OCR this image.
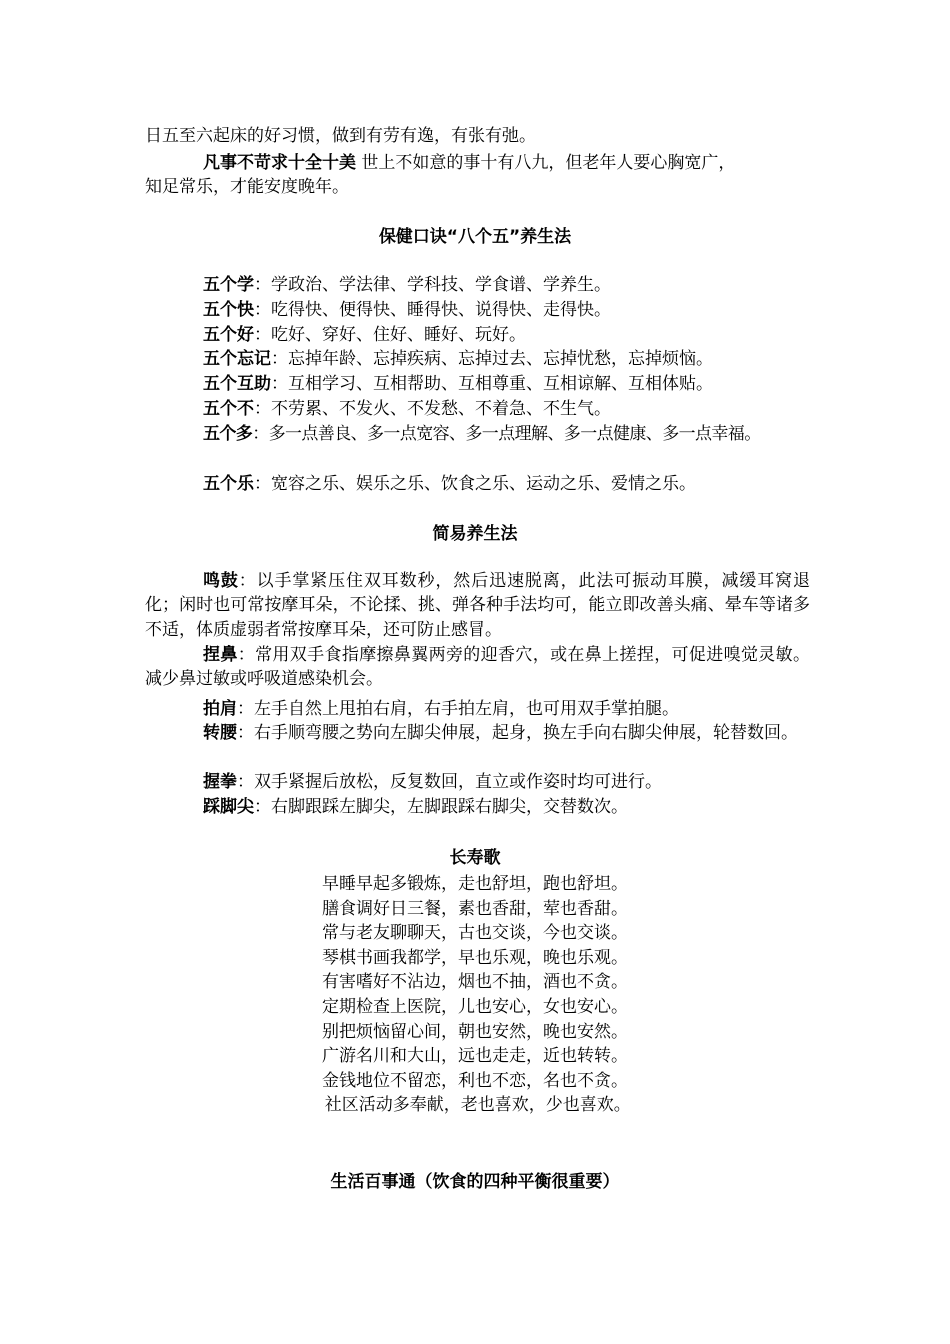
日五至六起床的好习惯，做到有劳有逸，有张有弛。
凡事不苛求十全十美 世上不如意的事十有八九，但老年人要心胸宽广，
知足常乐，才能安度晚年。
保健口诀“八个五”养生法
五个学：学政治、学法律、学科技、学食谱、学养生。
五个快：吃得快、便得快、睡得快、说得快、走得快。
五个好：吃好、穿好、住好、睡好、玩好。
五个忘记：忘掉年龄、忘掉疾病、忘掉过去、忘掉忧愁，忘掉烦恼。
五个互助：互相学习、互相帮助、互相尊重、互相谅解、互相体贴。
五个不：不劳累、不发火、不发愁、不着急、不生气。
五个多：多一点善良、多一点宽容、多一点理解、多一点健康、多一点幸福。
五个乐：宽容之乐、娱乐之乐、饮食之乐、运动之乐、爱情之乐。
简易养生法
鸣鼓：以手掌紧压住双耳数秒，然后迅速脱离，此法可振动耳膜，减缓耳窝退化；闲时也可常按摩耳朵，不论揉、挑、弹各种手法均可，能立即改善头痛、晕车等诸多不适，体质虚弱者常按摩耳朵，还可防止感冒。
捏鼻：常用双手食指摩擦鼻翼两旁的迎香穴，或在鼻上搓捏，可促进嗅觉灵敏。减少鼻过敏或呼吸道感染机会。
拍肩：左手自然上甩拍右肩，右手拍左肩，也可用双手掌拍腿。
转腰：右手顺弯腰之势向左脚尖伸展，起身，换左手向右脚尖伸展，轮替数回。
握拳：双手紧握后放松，反复数回，直立或作姿时均可进行。
踩脚尖：右脚跟踩左脚尖，左脚跟踩右脚尖，交替数次。
长寿歌
早睡早起多锻炼，走也舒坦，跑也舒坦。
膳食调好日三餐，素也香甜，荤也香甜。
常与老友聊聊天，古也交谈，今也交谈。
琴棋书画我都学，早也乐观，晚也乐观。
有害嗜好不沾边，烟也不抽，酒也不贪。
定期检查上医院，儿也安心，女也安心。
别把烦恼留心间，朝也安然，晚也安然。
广游名川和大山，远也走走，近也转转。
金钱地位不留恋，利也不恋，名也不贪。
社区活动多奉献，老也喜欢，少也喜欢。
生活百事通（饮食的四种平衡很重要）
